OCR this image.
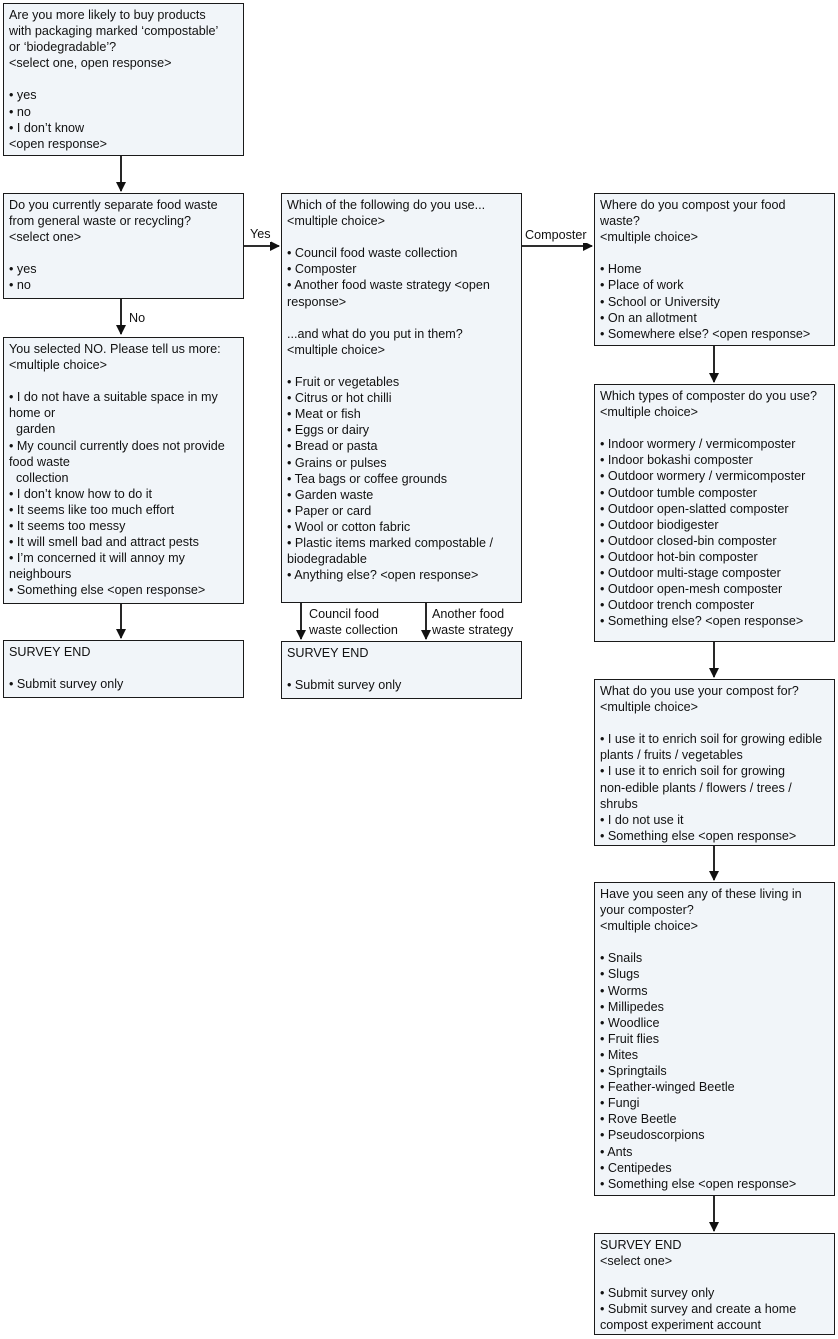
Are you more likely to buy products
with packaging marked ‘compostable’
or ‘biodegradable’?
<select one, open response>
• yes
• no
• I don’t know
<open response>
Do you currently separate food waste
from general waste or recycling?
<select one>
• yes
• no
You selected NO. Please tell us more:
<multiple choice>
• I do not have a suitable space in my
home or
garden
• My council currently does not provide
food waste
collection
• I don’t know how to do it
• It seems like too much effort
• It seems too messy
• It will smell bad and attract pests
• I’m concerned it will annoy my
neighbours
• Something else <open response>
SURVEY END
• Submit survey only
Which of the following do you use...
<multiple choice>
• Council food waste collection
• Composter
• Another food waste strategy <open
response>
...and what do you put in them?
<multiple choice>
• Fruit or vegetables
• Citrus or hot chilli
• Meat or fish
• Eggs or dairy
• Bread or pasta
• Grains or pulses
• Tea bags or coffee grounds
• Garden waste
• Paper or card
• Wool or cotton fabric
• Plastic items marked compostable /
biodegradable
• Anything else? <open response>
SURVEY END
• Submit survey only
Where do you compost your food
waste?
<multiple choice>
• Home
• Place of work
• School or University
• On an allotment
• Somewhere else? <open response>
Which types of composter do you use?
<multiple choice>
• Indoor wormery / vermicomposter
• Indoor bokashi composter
• Outdoor wormery / vermicomposter
• Outdoor tumble composter
• Outdoor open-slatted composter
• Outdoor biodigester
• Outdoor closed-bin composter
• Outdoor hot-bin composter
• Outdoor multi-stage composter
• Outdoor open-mesh composter
• Outdoor trench composter
• Something else? <open response>
What do you use your compost for?
<multiple choice>
• I use it to enrich soil for growing edible
plants / fruits / vegetables
• I use it to enrich soil for growing
non-edible plants / flowers / trees /
shrubs
• I do not use it
• Something else <open response>
Have you seen any of these living in
your composter?
<multiple choice>
• Snails
• Slugs
• Worms
• Millipedes
• Woodlice
• Fruit flies
• Mites
• Springtails
• Feather-winged Beetle
• Fungi
• Rove Beetle
• Pseudoscorpions
• Ants
• Centipedes
• Something else <open response>
SURVEY END
<select one>
• Submit survey only
• Submit survey and create a home
compost experiment account
Yes
No
Composter
Council food
waste collection
Another food
waste strategy
